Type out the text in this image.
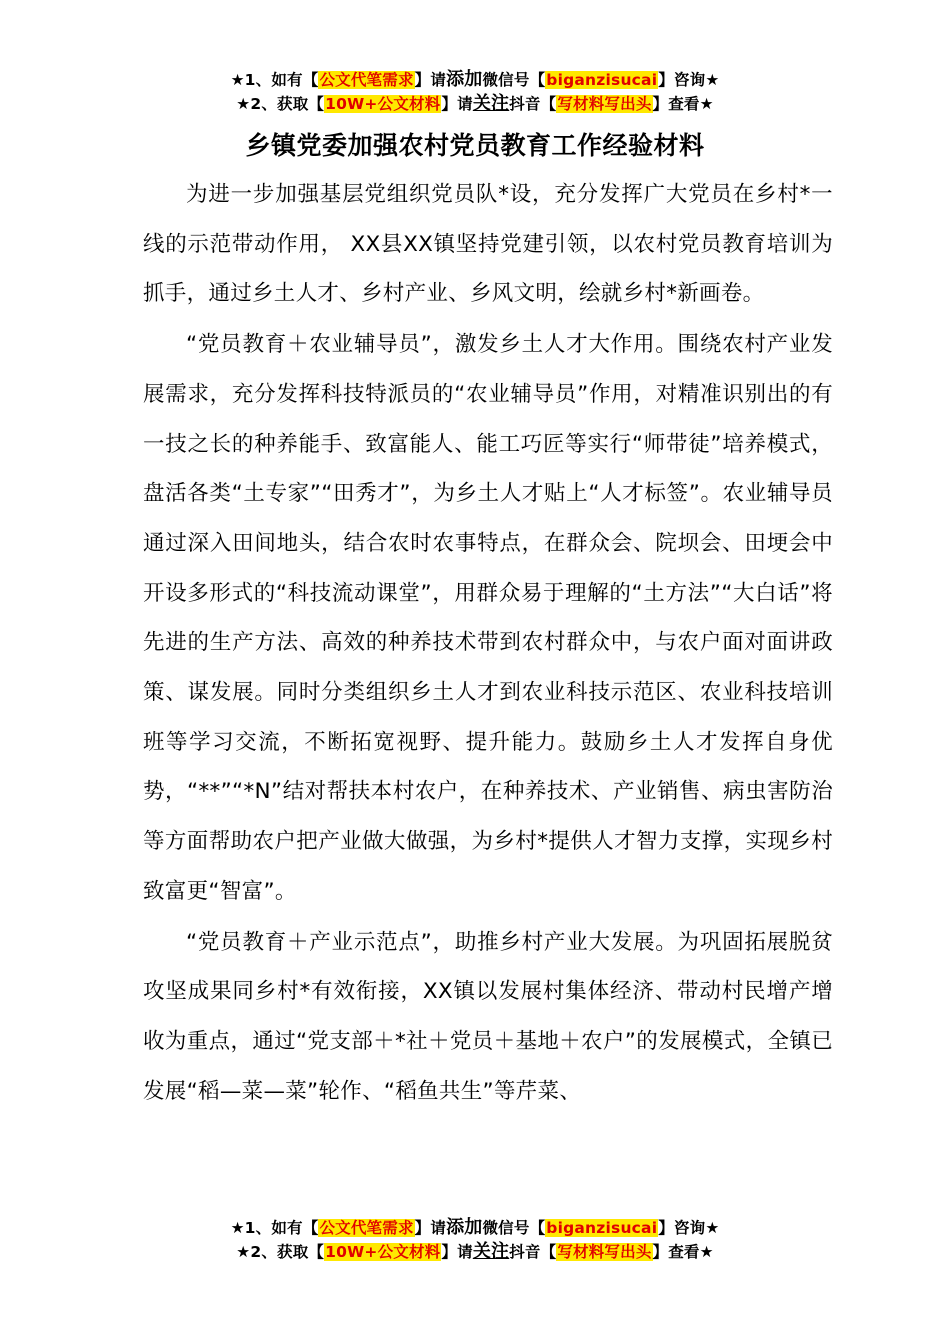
★1、如有【公文代笔需求】请添加微信号【biganzisucai】咨询★
★2、获取【10W+公文材料】请关注抖音【写材料写出头】查看★
乡镇党委加强农村党员教育工作经验材料

为进一步加强基层党组织党员队*设，充分发挥广大党员在乡村*一线的示范带动作用， XX县XX镇坚持党建引领，以农村党员教育培训为抓手，通过乡土人才、乡村产业、乡风文明，绘就乡村*新画卷。

“党员教育＋农业辅导员”，激发乡土人才大作用。围绕农村产业发展需求，充分发挥科技特派员的“农业辅导员”作用，对精准识别出的有一技之长的种养能手、致富能人、能工巧匠等实行“师带徒”培养模式，盘活各类“土专家”“田秀才”，为乡土人才贴上“人才标签”。农业辅导员通过深入田间地头，结合农时农事特点，在群众会、院坝会、田埂会中开设多形式的“科技流动课堂”，用群众易于理解的“土方法”“大白话”将先进的生产方法、高效的种养技术带到农村群众中，与农户面对面讲政策、谋发展。同时分类组织乡土人才到农业科技示范区、农业科技培训班等学习交流，不断拓宽视野、提升能力。鼓励乡土人才发挥自身优势，“**”“*N”结对帮扶本村农户，在种养技术、产业销售、病虫害防治等方面帮助农户把产业做大做强，为乡村*提供人才智力支撑，实现乡村致富更“智富”。

“党员教育＋产业示范点”，助推乡村产业大发展。为巩固拓展脱贫攻坚成果同乡村*有效衔接，XX镇以发展村集体经济、带动村民增产增收为重点，通过“党支部＋*社＋党员＋基地＋农户”的发展模式，全镇已发展“稻—菜—菜”轮作、“稻鱼共生”等芹菜、

★1、如有【公文代笔需求】请添加微信号【biganzisucai】咨询★
★2、获取【10W+公文材料】请关注抖音【写材料写出头】查看★
